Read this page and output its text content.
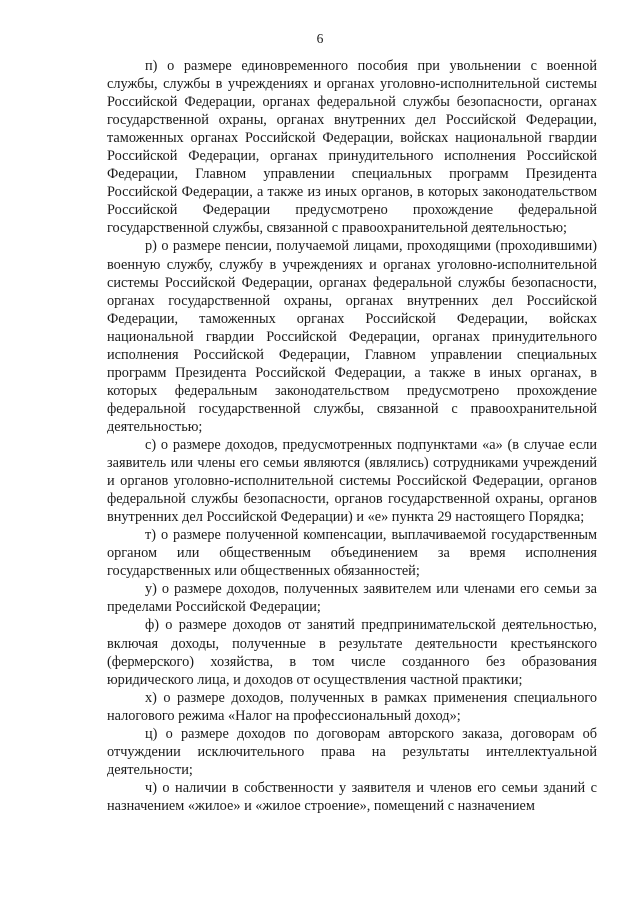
6

п) о размере единовременного пособия при увольнении с военной службы, службы в учреждениях и органах уголовно-исполнительной системы Российской Федерации, органах федеральной службы безопасности, органах государственной охраны, органах внутренних дел Российской Федерации, таможенных органах Российской Федерации, войсках национальной гвардии Российской Федерации, органах принудительного исполнения Российской Федерации, Главном управлении специальных программ Президента Российской Федерации, а также из иных органов, в которых законодательством Российской Федерации предусмотрено прохождение федеральной государственной службы, связанной с правоохранительной деятельностью;

р) о размере пенсии, получаемой лицами, проходящими (проходившими) военную службу, службу в учреждениях и органах уголовно-исполнительной системы Российской Федерации, органах федеральной службы безопасности, органах государственной охраны, органах внутренних дел Российской Федерации, таможенных органах Российской Федерации, войсках национальной гвардии Российской Федерации, органах принудительного исполнения Российской Федерации, Главном управлении специальных программ Президента Российской Федерации, а также в иных органах, в которых федеральным законодательством предусмотрено прохождение федеральной государственной службы, связанной с правоохранительной деятельностью;

с) о размере доходов, предусмотренных подпунктами «а» (в случае если заявитель или члены его семьи являются (являлись) сотрудниками учреждений и органов уголовно-исполнительной системы Российской Федерации, органов федеральной службы безопасности, органов государственной охраны, органов внутренних дел Российской Федерации) и «е» пункта 29 настоящего Порядка;

т) о размере полученной компенсации, выплачиваемой государственным органом или общественным объединением за время исполнения государственных или общественных обязанностей;

у) о размере доходов, полученных заявителем или членами его семьи за пределами Российской Федерации;

ф) о размере доходов от занятий предпринимательской деятельностью, включая доходы, полученные в результате деятельности крестьянского (фермерского) хозяйства, в том числе созданного без образования юридического лица, и доходов от осуществления частной практики;

х) о размере доходов, полученных в рамках применения специального налогового режима «Налог на профессиональный доход»;

ц) о размере доходов по договорам авторского заказа, договорам об отчуждении исключительного права на результаты интеллектуальной деятельности;

ч) о наличии в собственности у заявителя и членов его семьи зданий с назначением «жилое» и «жилое строение», помещений с назначением
